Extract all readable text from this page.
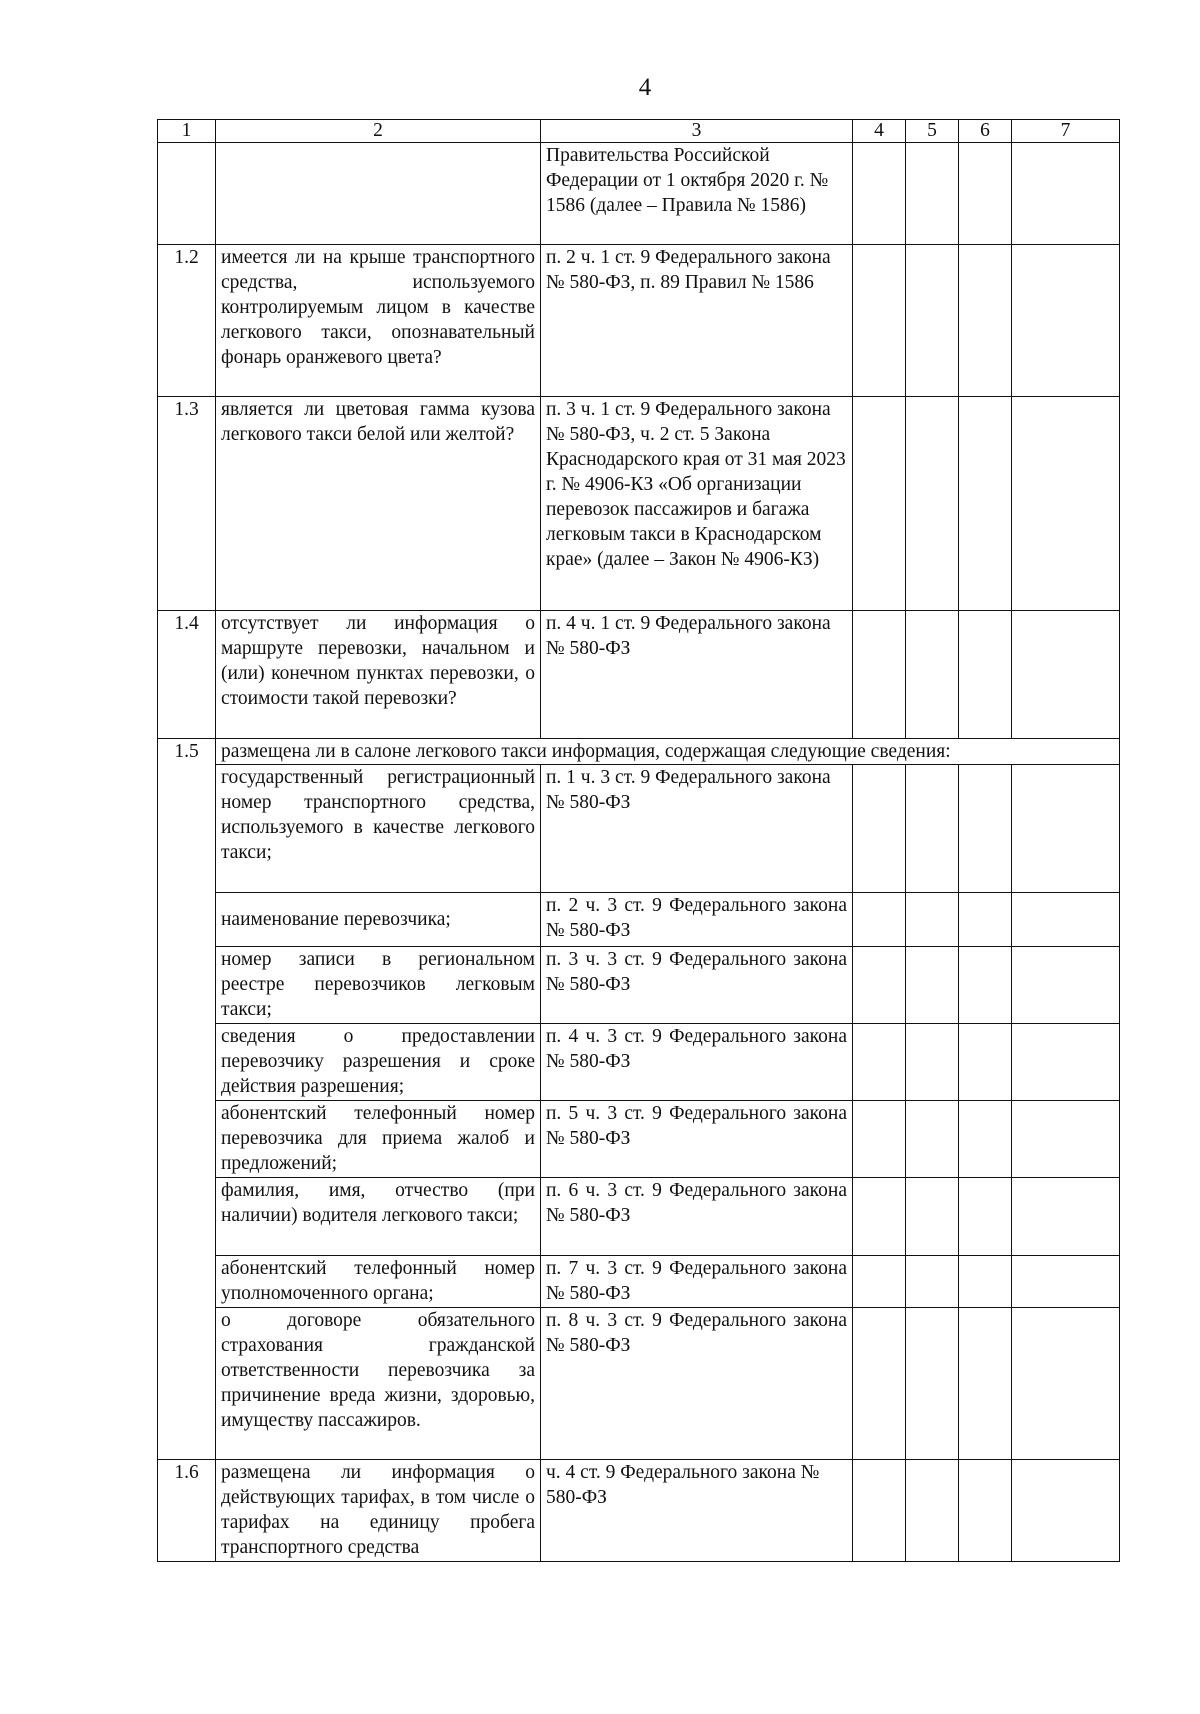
4
1	2	3	4	5	6	7
		Правительства Российской Федерации от 1 октября 2020 г. № 1586 (далее – Правила № 1586)				
1.2	имеется ли на крыше транспортного средства, используемого контролируемым лицом в качестве легкового такси, опознавательный фонарь оранжевого цвета?	п. 2 ч. 1 ст. 9 Федерального закона № 580-ФЗ, п. 89 Правил № 1586				
1.3	является ли цветовая гамма кузова легкового такси белой или желтой?	п. 3 ч. 1 ст. 9 Федерального закона № 580-ФЗ, ч. 2 ст. 5 Закона Краснодарского края от 31 мая 2023 г. № 4906-КЗ «Об организации перевозок пассажиров и багажа легковым такси в Краснодарском крае» (далее – Закон № 4906-КЗ)				
1.4	отсутствует ли информация о маршруте перевозки, начальном и (или) конечном пунктах перевозки, о стоимости такой перевозки?	п. 4 ч. 1 ст. 9 Федерального закона № 580-ФЗ				
1.5	размещена ли в салоне легкового такси информация, содержащая следующие сведения:					
	государственный регистрационный номер транспортного средства, используемого в качестве легкового такси;	п. 1 ч. 3 ст. 9 Федерального закона № 580-ФЗ				
	наименование перевозчика;	п. 2 ч. 3 ст. 9 Федерального закона № 580-ФЗ				
	номер записи в региональном реестре перевозчиков легковым такси;	п. 3 ч. 3 ст. 9 Федерального закона № 580-ФЗ				
	сведения о предоставлении перевозчику разрешения и сроке действия разрешения;	п. 4 ч. 3 ст. 9 Федерального закона № 580-ФЗ				
	абонентский телефонный номер перевозчика для приема жалоб и предложений;	п. 5 ч. 3 ст. 9 Федерального закона № 580-ФЗ				
	фамилия, имя, отчество (при наличии) водителя легкового такси;	п. 6 ч. 3 ст. 9 Федерального закона № 580-ФЗ				
	абонентский телефонный номер уполномоченного органа;	п. 7 ч. 3 ст. 9 Федерального закона № 580-ФЗ				
	о договоре обязательного страхования гражданской ответственности перевозчика за причинение вреда жизни, здоровью, имуществу пассажиров.	п. 8 ч. 3 ст. 9 Федерального закона № 580-ФЗ				
1.6	размещена ли информация о действующих тарифах, в том числе о тарифах на единицу пробега транспортного средства	ч. 4 ст. 9 Федерального закона № 580-ФЗ				
